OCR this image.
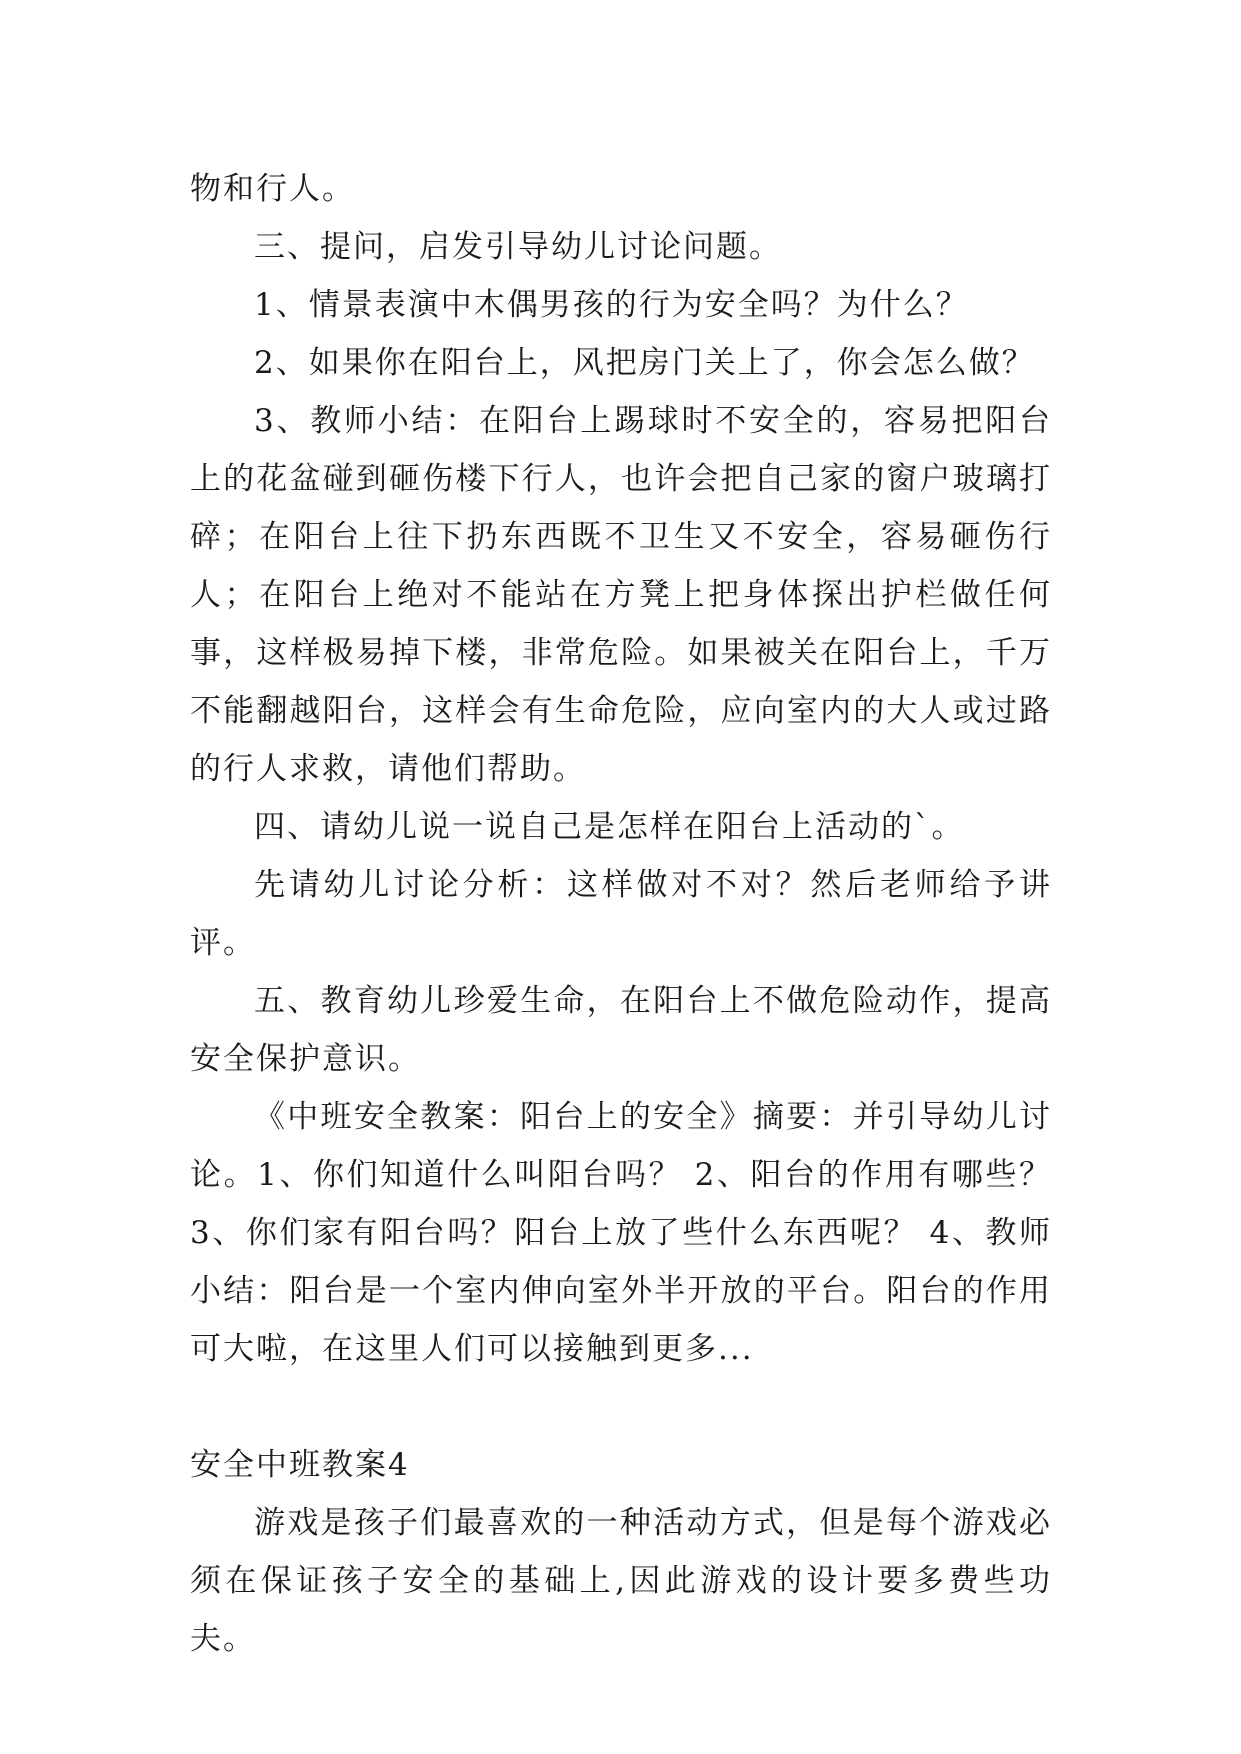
物和行人。

三、提问，启发引导幼儿讨论问题。

1、情景表演中木偶男孩的行为安全吗？为什么？

2、如果你在阳台上，风把房门关上了，你会怎么做？

3、教师小结：在阳台上踢球时不安全的，容易把阳台上的花盆碰到砸伤楼下行人，也许会把自己家的窗户玻璃打碎；在阳台上往下扔东西既不卫生又不安全，容易砸伤行人；在阳台上绝对不能站在方凳上把身体探出护栏做任何事，这样极易掉下楼，非常危险。如果被关在阳台上，千万不能翻越阳台，这样会有生命危险，应向室内的大人或过路的行人求救，请他们帮助。

四、请幼儿说一说自己是怎样在阳台上活动的`。

先请幼儿讨论分析：这样做对不对？然后老师给予讲评。

五、教育幼儿珍爱生命，在阳台上不做危险动作，提高安全保护意识。

《中班安全教案：阳台上的安全》摘要：并引导幼儿讨论。1、你们知道什么叫阳台吗？ 2、阳台的作用有哪些？ 3、你们家有阳台吗？阳台上放了些什么东西呢？ 4、教师小结：阳台是一个室内伸向室外半开放的平台。阳台的作用可大啦，在这里人们可以接触到更多...

安全中班教案4

游戏是孩子们最喜欢的一种活动方式，但是每个游戏必须在保证孩子安全的基础上,因此游戏的设计要多费些功夫。
